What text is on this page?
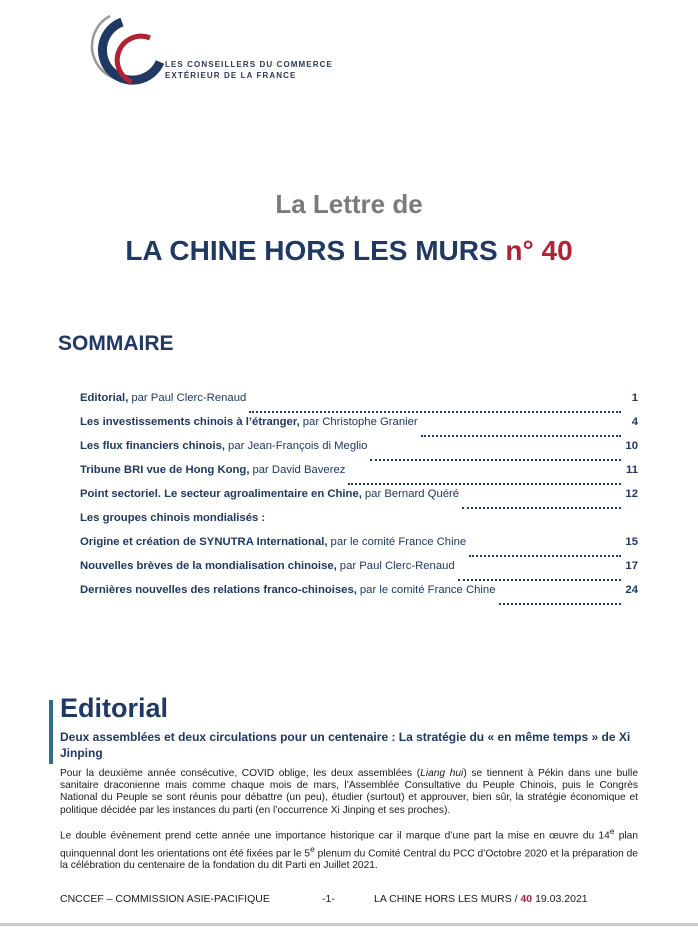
LES CONSEILLERS DU COMMERCE
EXTÉRIEUR DE LA FRANCE
La Lettre de
LA CHINE HORS LES MURS n° 40
SOMMAIRE
Editorial, par Paul Clerc-Renaud	1
Les investissements chinois à l’étranger, par Christophe Granier	4
Les flux financiers chinois, par Jean-François di Meglio	10
Tribune BRI vue de Hong Kong, par David Baverez	11
Point sectoriel. Le secteur agroalimentaire en Chine, par Bernard Quéré	12
Les groupes chinois mondialisés :
Origine et création de SYNUTRA International, par le comité France Chine	15
Nouvelles brèves de la mondialisation chinoise, par Paul Clerc-Renaud	17
Dernières nouvelles des relations franco-chinoises, par le comité France Chine	24
Editorial
Deux assemblées et deux circulations pour un centenaire : La stratégie du « en même temps » de Xi Jinping

Pour la deuxième année consécutive, COVID oblige, les deux assemblées (Liang hui) se tiennent à Pékin dans une bulle sanitaire draconienne mais comme chaque mois de mars, l’Assemblée Consultative du Peuple Chinois, puis le Congrès National du Peuple se sont réunis pour débattre (un peu), étudier (surtout) et approuver, bien sûr, la stratégie économique et politique décidée par les instances du parti (en l’occurrence Xi Jinping et ses proches).

Le double évènement prend cette année une importance historique car il marque d’une part la mise en œuvre du 14e plan quinquennal dont les orientations ont été fixées par le 5e plenum du Comité Central du PCC d’Octobre 2020 et la préparation de la célébration du centenaire de la fondation du dit Parti en Juillet 2021.

CNCCEF – COMMISSION ASIE-PACIFIQUE	-1-	LA CHINE HORS LES MURS / 40 19.03.2021
